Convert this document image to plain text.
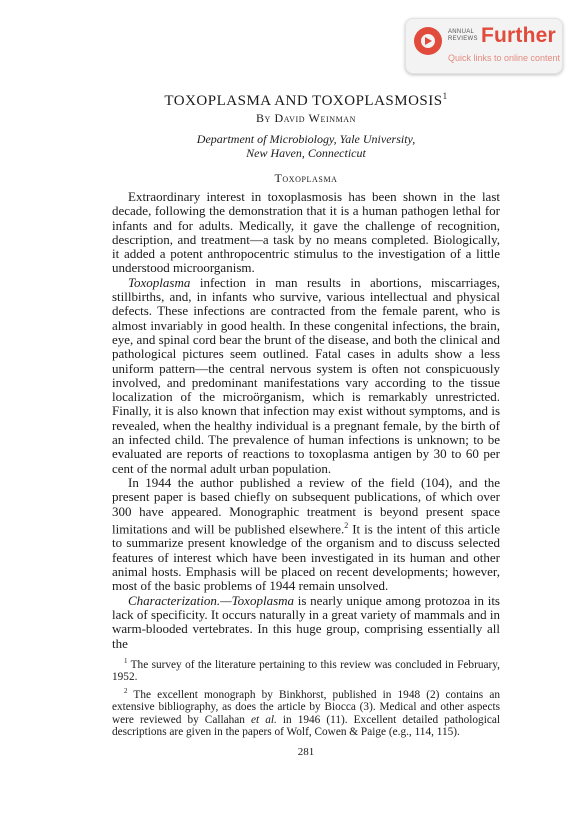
ANNUAL
REVIEWS Further
Quick links to online content
TOXOPLASMA AND TOXOPLASMOSIS$^1$
By David Weinman
Department of Microbiology, Yale University,
New Haven, Connecticut
Toxoplasma

Extraordinary interest in toxoplasmosis has been shown in the last decade, following the demonstration that it is a human pathogen lethal for infants and for adults. Medically, it gave the challenge of recognition, description, and treatment—a task by no means completed. Biologically, it added a potent anthropocentric stimulus to the investigation of a little understood microorganism.

Toxoplasma infection in man results in abortions, miscarriages, stillbirths, and, in infants who survive, various intellectual and physical defects. These infections are contracted from the female parent, who is almost invariably in good health. In these congenital infections, the brain, eye, and spinal cord bear the brunt of the disease, and both the clinical and pathological pictures seem outlined. Fatal cases in adults show a less uniform pattern—the central nervous system is often not conspicuously involved, and predominant manifestations vary according to the tissue localization of the microörganism, which is remarkably unrestricted. Finally, it is also known that infection may exist without symptoms, and is revealed, when the healthy individual is a pregnant female, by the birth of an infected child. The prevalence of human infections is unknown; to be evaluated are reports of reactions to toxoplasma antigen by 30 to 60 per cent of the normal adult urban population.

In 1944 the author published a review of the field (104), and the present paper is based chiefly on subsequent publications, of which over 300 have appeared. Monographic treatment is beyond present space limitations and will be published elsewhere.$^2$ It is the intent of this article to summarize present knowledge of the organism and to discuss selected features of interest which have been investigated in its human and other animal hosts. Emphasis will be placed on recent developments; however, most of the basic problems of 1944 remain unsolved.

Characterization.—Toxoplasma is nearly unique among protozoa in its lack of specificity. It occurs naturally in a great variety of mammals and in warm-blooded vertebrates. In this huge group, comprising essentially all the

$^1$ The survey of the literature pertaining to this review was concluded in February, 1952.

$^2$ The excellent monograph by Binkhorst, published in 1948 (2) contains an extensive bibliography, as does the article by Biocca (3). Medical and other aspects were reviewed by Callahan et al. in 1946 (11). Excellent detailed pathological descriptions are given in the papers of Wolf, Cowen & Paige (e.g., 114, 115).

281
